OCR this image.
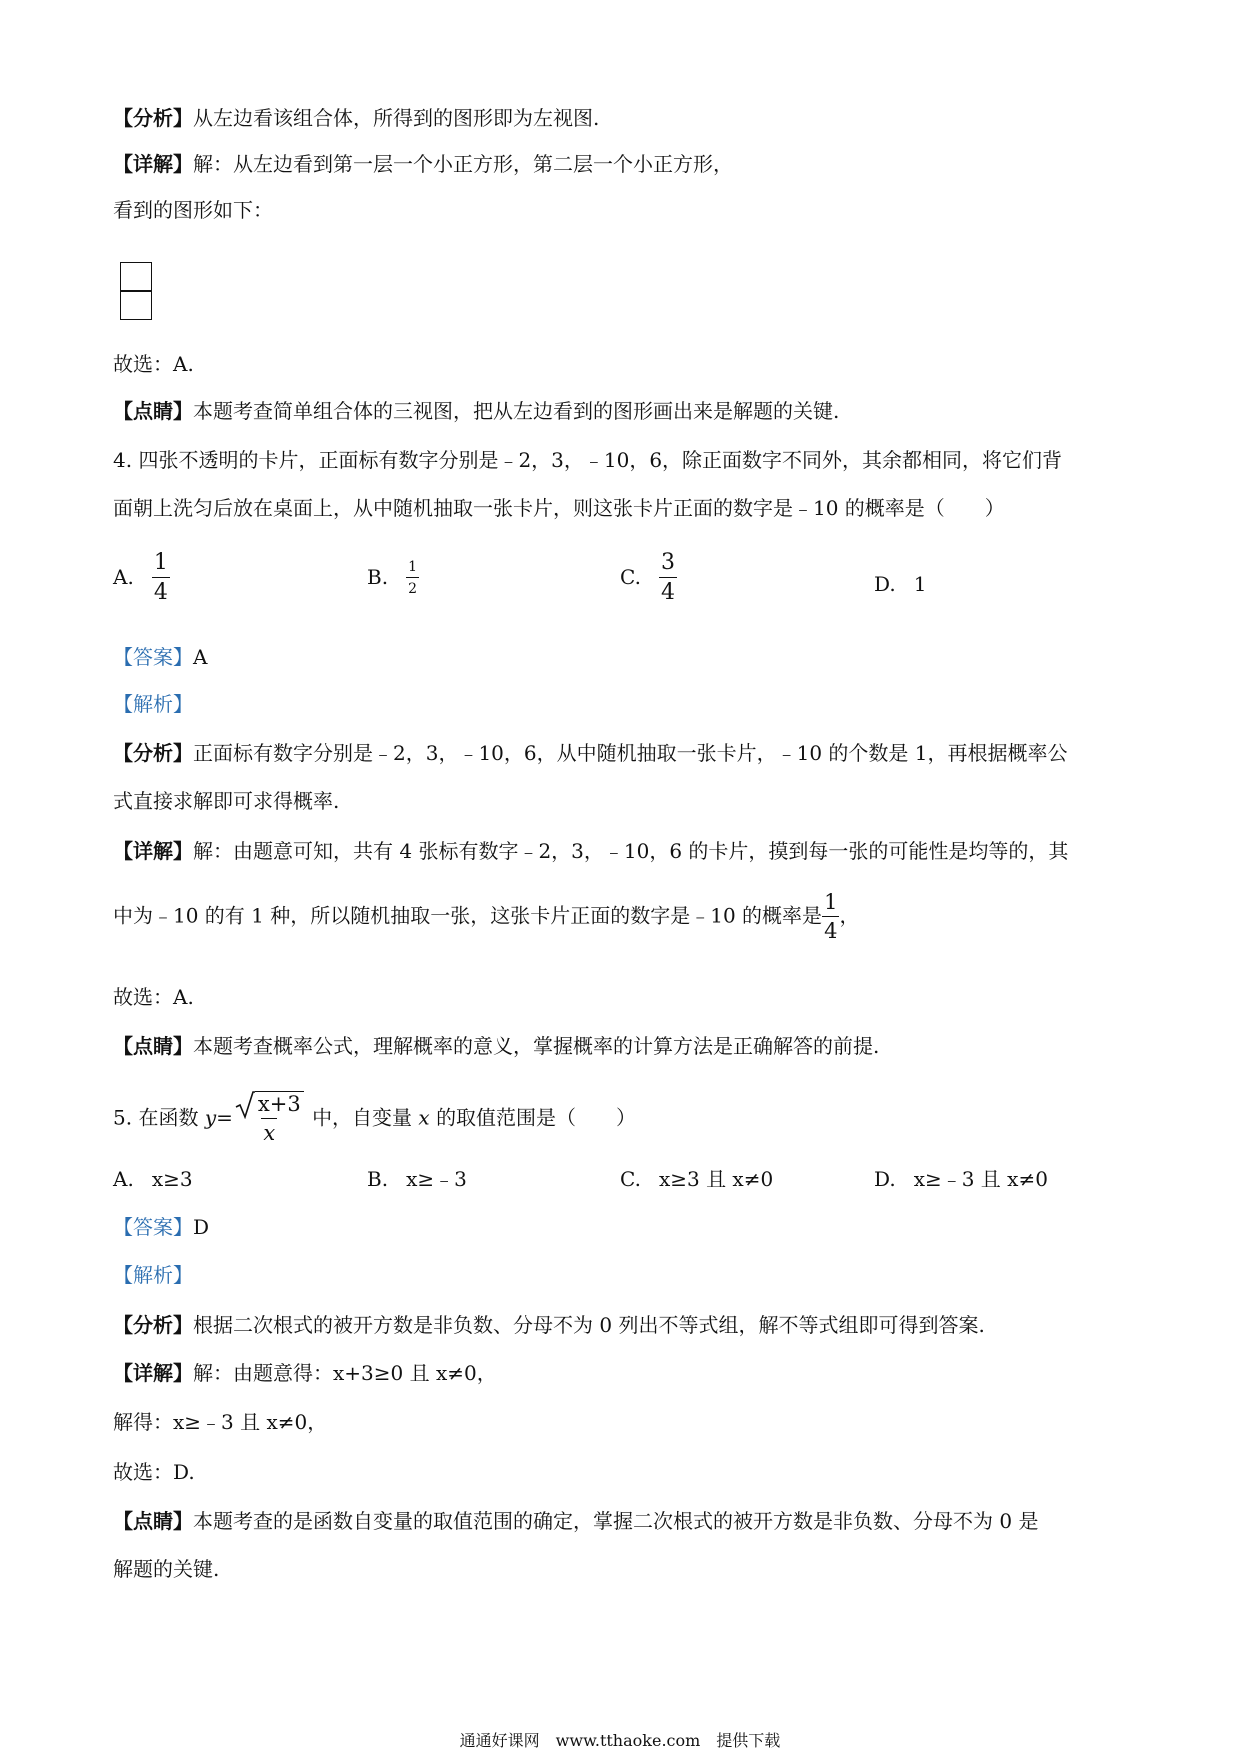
【分析】从左边看该组合体，所得到的图形即为左视图.
【详解】解：从左边看到第一层一个小正方形，第二层一个小正方形，
看到的图形如下：
故选：A.
【点睛】本题考查简单组合体的三视图，把从左边看到的图形画出来是解题的关键.
4. 四张不透明的卡片，正面标有数字分别是﹣2，3，﹣10，6，除正面数字不同外，其余都相同，将它们背
面朝上洗匀后放在桌面上，从中随机抽取一张卡片，则这张卡片正面的数字是﹣10 的概率是（　　）
A. $\frac{1}{4}$	B. $\frac{1}{2}$	C. $\frac{3}{4}$	D. 1
【答案】A
【解析】
【分析】正面标有数字分别是﹣2，3，﹣10，6，从中随机抽取一张卡片，﹣10 的个数是 1，再根据概率公
式直接求解即可求得概率.
【详解】解：由题意可知，共有 4 张标有数字﹣2，3，﹣10，6 的卡片，摸到每一张的可能性是均等的，其
中为﹣10 的有 1 种，所以随机抽取一张，这张卡片正面的数字是﹣10 的概率是 $\frac{1}{4}$ ，
故选：A.
【点睛】本题考查概率公式，理解概率的意义，掌握概率的计算方法是正确解答的前提.
5. 在函数 $y= \frac{x+3}{x}$ 中，自变量 x 的取值范围是（　　）
A. x≥3	B. x≥﹣3	C. x≥3 且 x≠0	D. x≥﹣3 且 x≠0
【答案】D
【解析】
【分析】根据二次根式的被开方数是非负数、分母不为 0 列出不等式组，解不等式组即可得到答案.
【详解】解：由题意得：x+3≥0 且 x≠0，
解得：x≥﹣3 且 x≠0，
故选：D.
【点睛】本题考查的是函数自变量的取值范围的确定，掌握二次根式的被开方数是非负数、分母不为 0 是
解题的关键.
通通好课网　www.tthaoke.com　提供下载
